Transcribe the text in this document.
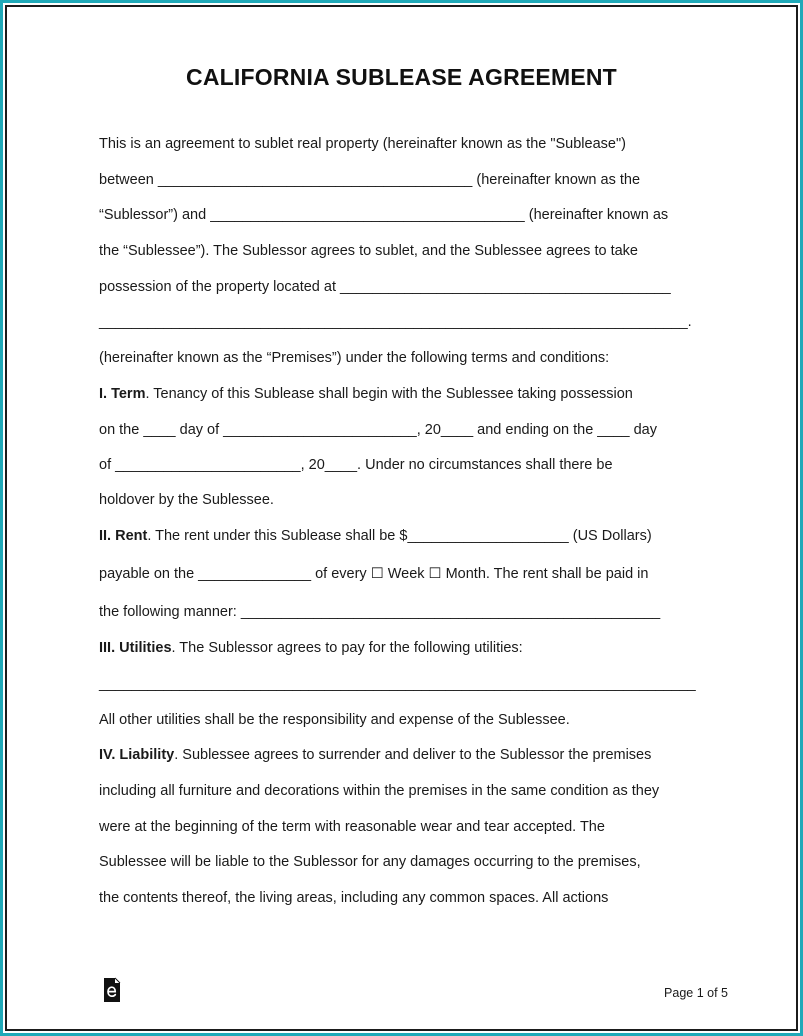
CALIFORNIA SUBLEASE AGREEMENT
This is an agreement to sublet real property (hereinafter known as the "Sublease")
between _______________________________________ (hereinafter known as the
“Sublessor”) and _______________________________________ (hereinafter known as
the “Sublessee”). The Sublessor agrees to sublet, and the Sublessee agrees to take
possession of the property located at _________________________________________
_________________________________________________________________________.
(hereinafter known as the “Premises”) under the following terms and conditions:
I. Term. Tenancy of this Sublease shall begin with the Sublessee taking possession
on the ____ day of ________________________, 20____ and ending on the ____ day
of _______________________, 20____. Under no circumstances shall there be
holdover by the Sublessee.
II. Rent. The rent under this Sublease shall be $____________________ (US Dollars)
payable on the ______________ of every ☐ Week ☐ Month. The rent shall be paid in
the following manner: ____________________________________________________
III. Utilities. The Sublessor agrees to pay for the following utilities:
__________________________________________________________________________
All other utilities shall be the responsibility and expense of the Sublessee.
IV. Liability. Sublessee agrees to surrender and deliver to the Sublessor the premises
including all furniture and decorations within the premises in the same condition as they
were at the beginning of the term with reasonable wear and tear accepted. The
Sublessee will be liable to the Sublessor for any damages occurring to the premises,
the contents thereof, the living areas, including any common spaces. All actions
Page 1 of 5
